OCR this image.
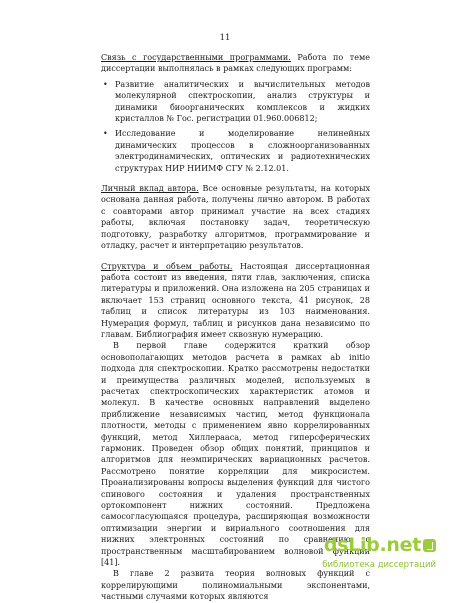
11

Связь с государственными программами. Работа по теме диссертации выполнялась в рамках следующих программ:

• Развитие аналитических и вычислительных методов молекулярной спектроскопии, анализ структуры и динамики биоорганических комплексов и жидких кристаллов № Гос. регистрации 01.960.006812;

• Исследование и моделирование нелинейных динамических процессов в сложноорганизованных электродинамических, оптических и радиотехнических структурах НИР НИИМФ СГУ № 2.12.01.

Личный вклад автора. Все основные результаты, на которых основана данная работа, получены лично автором. В работах с соавторами автор принимал участие на всех стадиях работы, включая постановку задач, теоретическую подготовку, разработку алгоритмов, программирование и отладку, расчет и интерпретацию результатов.

Структура и объем работы. Настоящая диссертационная работа состоит из введения, пяти глав, заключения, списка литературы и приложений. Она изложена на 205 страницах и включает 153 страниц основного текста, 41 рисунок, 28 таблиц и список литературы из 103 наименования. Нумерация формул, таблиц и рисунков дана независимо по главам. Библиография имеет сквозную нумерацию.

В первой главе содержится краткий обзор основополагающих методов расчета в рамках ab initio подхода для спектроскопии. Кратко рассмотрены недостатки и преимущества различных моделей, используемых в расчетах спектроскопических характеристик атомов и молекул. В качестве основных направлений выделено приближение независимых частиц, метод функционала плотности, методы с применением явно коррелированных функций, метод Хиллерааса, метод гиперсферических гармоник. Проведен обзор общих понятий, принципов и алгоритмов для неэмпирических вариационных расчетов. Рассмотрено понятие корреляции для микросистем. Проанализированы вопросы выделения функций для чистого спинового состояния и удаления пространственных ортокомпонент нижних состояний. Предложена самосогласующаяся процедура, расширяющая возможности оптимизации энергии и вириального соотношения для нижних электронных состояний по сравнению с пространственным масштабированием волновой функции [41].

В главе 2 развита теория волновых функций с коррелирующими полиномиальными экспонентами, частными случаями которых являются

dsLib.net
библиотека диссертаций
